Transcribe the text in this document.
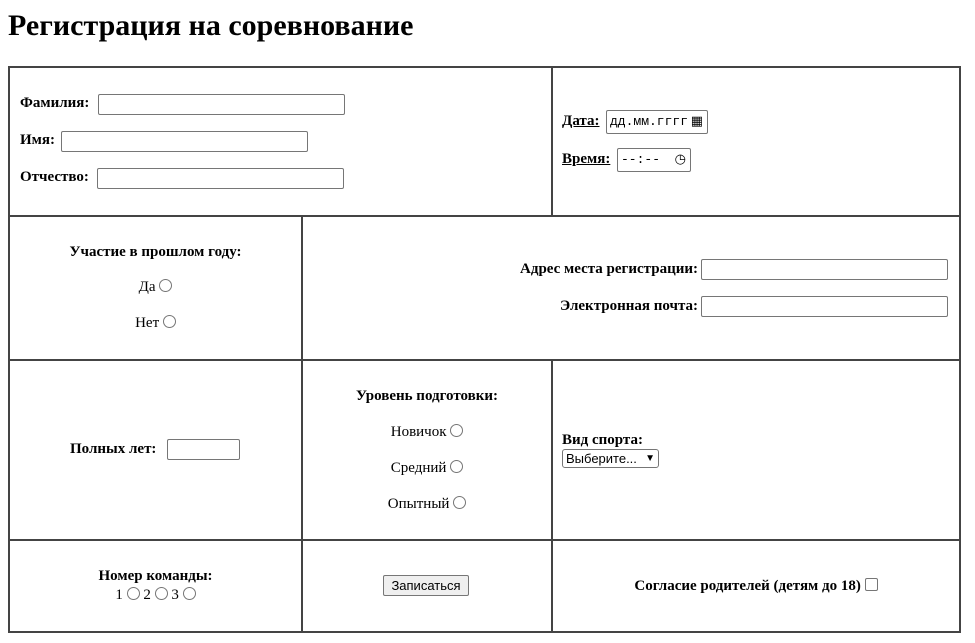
Регистрация на соревнование
Фамилия:
Имя:
Отчество:
Дата: дд.мм.гггг ▦
Время: --:-- ◷
Участие в прошлом году:
Да
Нет
Адрес места регистрации:
Электронная почта:
Полных лет:
Уровень подготовки:
Новичок
Средний
Опытный
Вид спорта:
Выберите... ▼
Номер команды:
1 2 3
Записаться	Согласие родителей (детям до 18)
